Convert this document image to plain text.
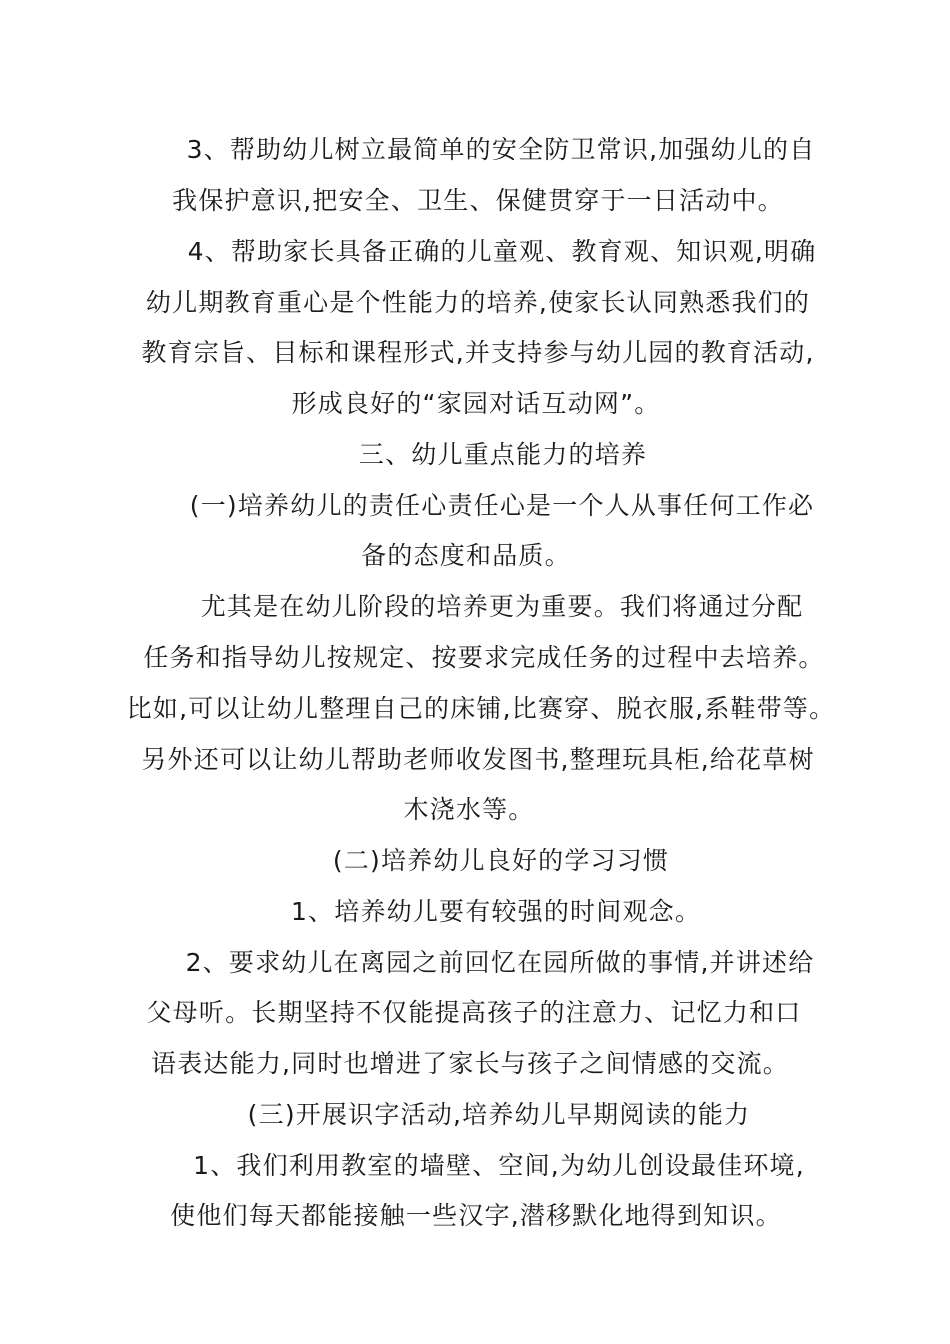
3、帮助幼儿树立最简单的安全防卫常识,加强幼儿的自
我保护意识,把安全、卫生、保健贯穿于一日活动中。
4、帮助家长具备正确的儿童观、教育观、知识观,明确
幼儿期教育重心是个性能力的培养,使家长认同熟悉我们的
教育宗旨、目标和课程形式,并支持参与幼儿园的教育活动,
形成良好的“家园对话互动网”。
三、幼儿重点能力的培养
(一)培养幼儿的责任心责任心是一个人从事任何工作必
备的态度和品质。
尤其是在幼儿阶段的培养更为重要。我们将通过分配
任务和指导幼儿按规定、按要求完成任务的过程中去培养。
比如,可以让幼儿整理自己的床铺,比赛穿、脱衣服,系鞋带等。
另外还可以让幼儿帮助老师收发图书,整理玩具柜,给花草树
木浇水等。
(二)培养幼儿良好的学习习惯
1、培养幼儿要有较强的时间观念。
2、要求幼儿在离园之前回忆在园所做的事情,并讲述给
父母听。长期坚持不仅能提高孩子的注意力、记忆力和口
语表达能力,同时也增进了家长与孩子之间情感的交流。
(三)开展识字活动,培养幼儿早期阅读的能力
1、我们利用教室的墙壁、空间,为幼儿创设最佳环境,
使他们每天都能接触一些汉字,潜移默化地得到知识。
